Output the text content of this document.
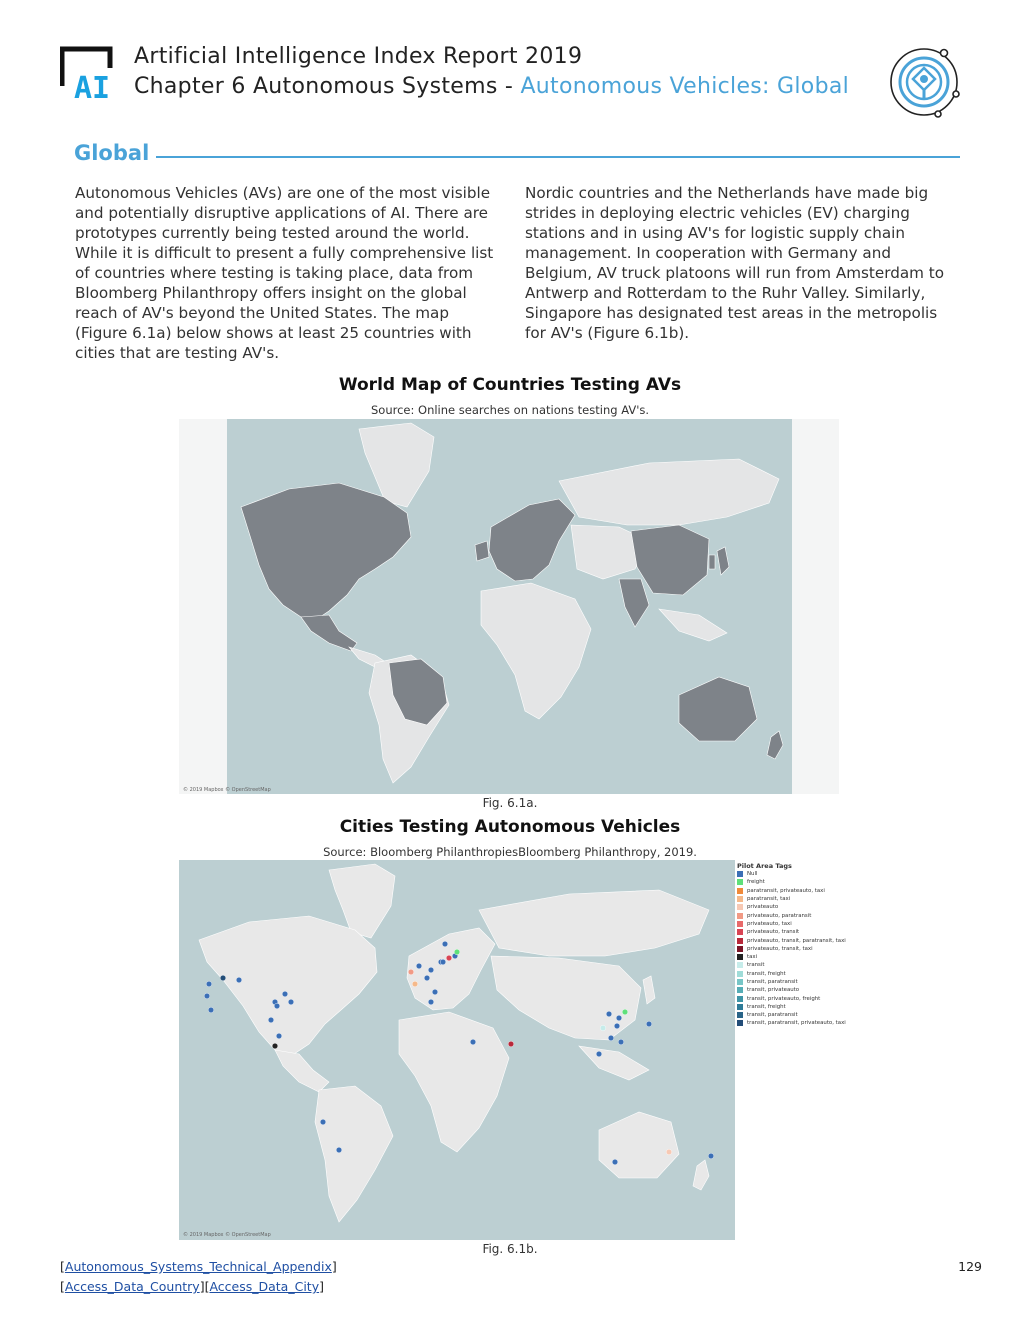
AI
Artificial Intelligence Index Report 2019
Chapter 6 Autonomous Systems - Autonomous Vehicles: Global
Global
Autonomous Vehicles (AVs) are one of the most visible and potentially disruptive applications of AI. There are prototypes currently being tested around the world. While it is difficult to present a fully comprehensive list of countries where testing is taking place, data from Bloomberg Philanthropy offers insight on the global reach of AV's beyond the United States. The map (Figure 6.1a) below shows at least 25 countries with cities that are testing AV's.
Nordic countries and the Netherlands have made big strides in deploying electric vehicles (EV) charging stations and in using AV's for logistic supply chain management. In cooperation with Germany and Belgium, AV truck platoons will run from Amsterdam to Antwerp and Rotterdam to the Ruhr Valley. Similarly, Singapore has designated test areas in the metropolis for AV's (Figure 6.1b).
World Map of Countries Testing AVs
Source: Online searches on nations testing AV's.
© 2019 Mapbox © OpenStreetMap
Fig. 6.1a.
Cities Testing Autonomous Vehicles
Source: Bloomberg PhilanthropiesBloomberg Philanthropy, 2019.
© 2019 Mapbox © OpenStreetMap
Pilot Area Tags
Null
freight
paratransit, privateauto, taxi
paratransit, taxi
privateauto
privateauto, paratransit
privateauto, taxi
privateauto, transit
privateauto, transit, paratransit, taxi
privateauto, transit, taxi
taxi
transit
transit, freight
transit, paratransit
transit, privateauto
transit, privateauto, freight
transit, freight
transit, paratransit
transit, paratransit, privateauto, taxi
Fig. 6.1b.
[Autonomous_Systems_Technical_Appendix]
[Access_Data_Country][Access_Data_City]
129
